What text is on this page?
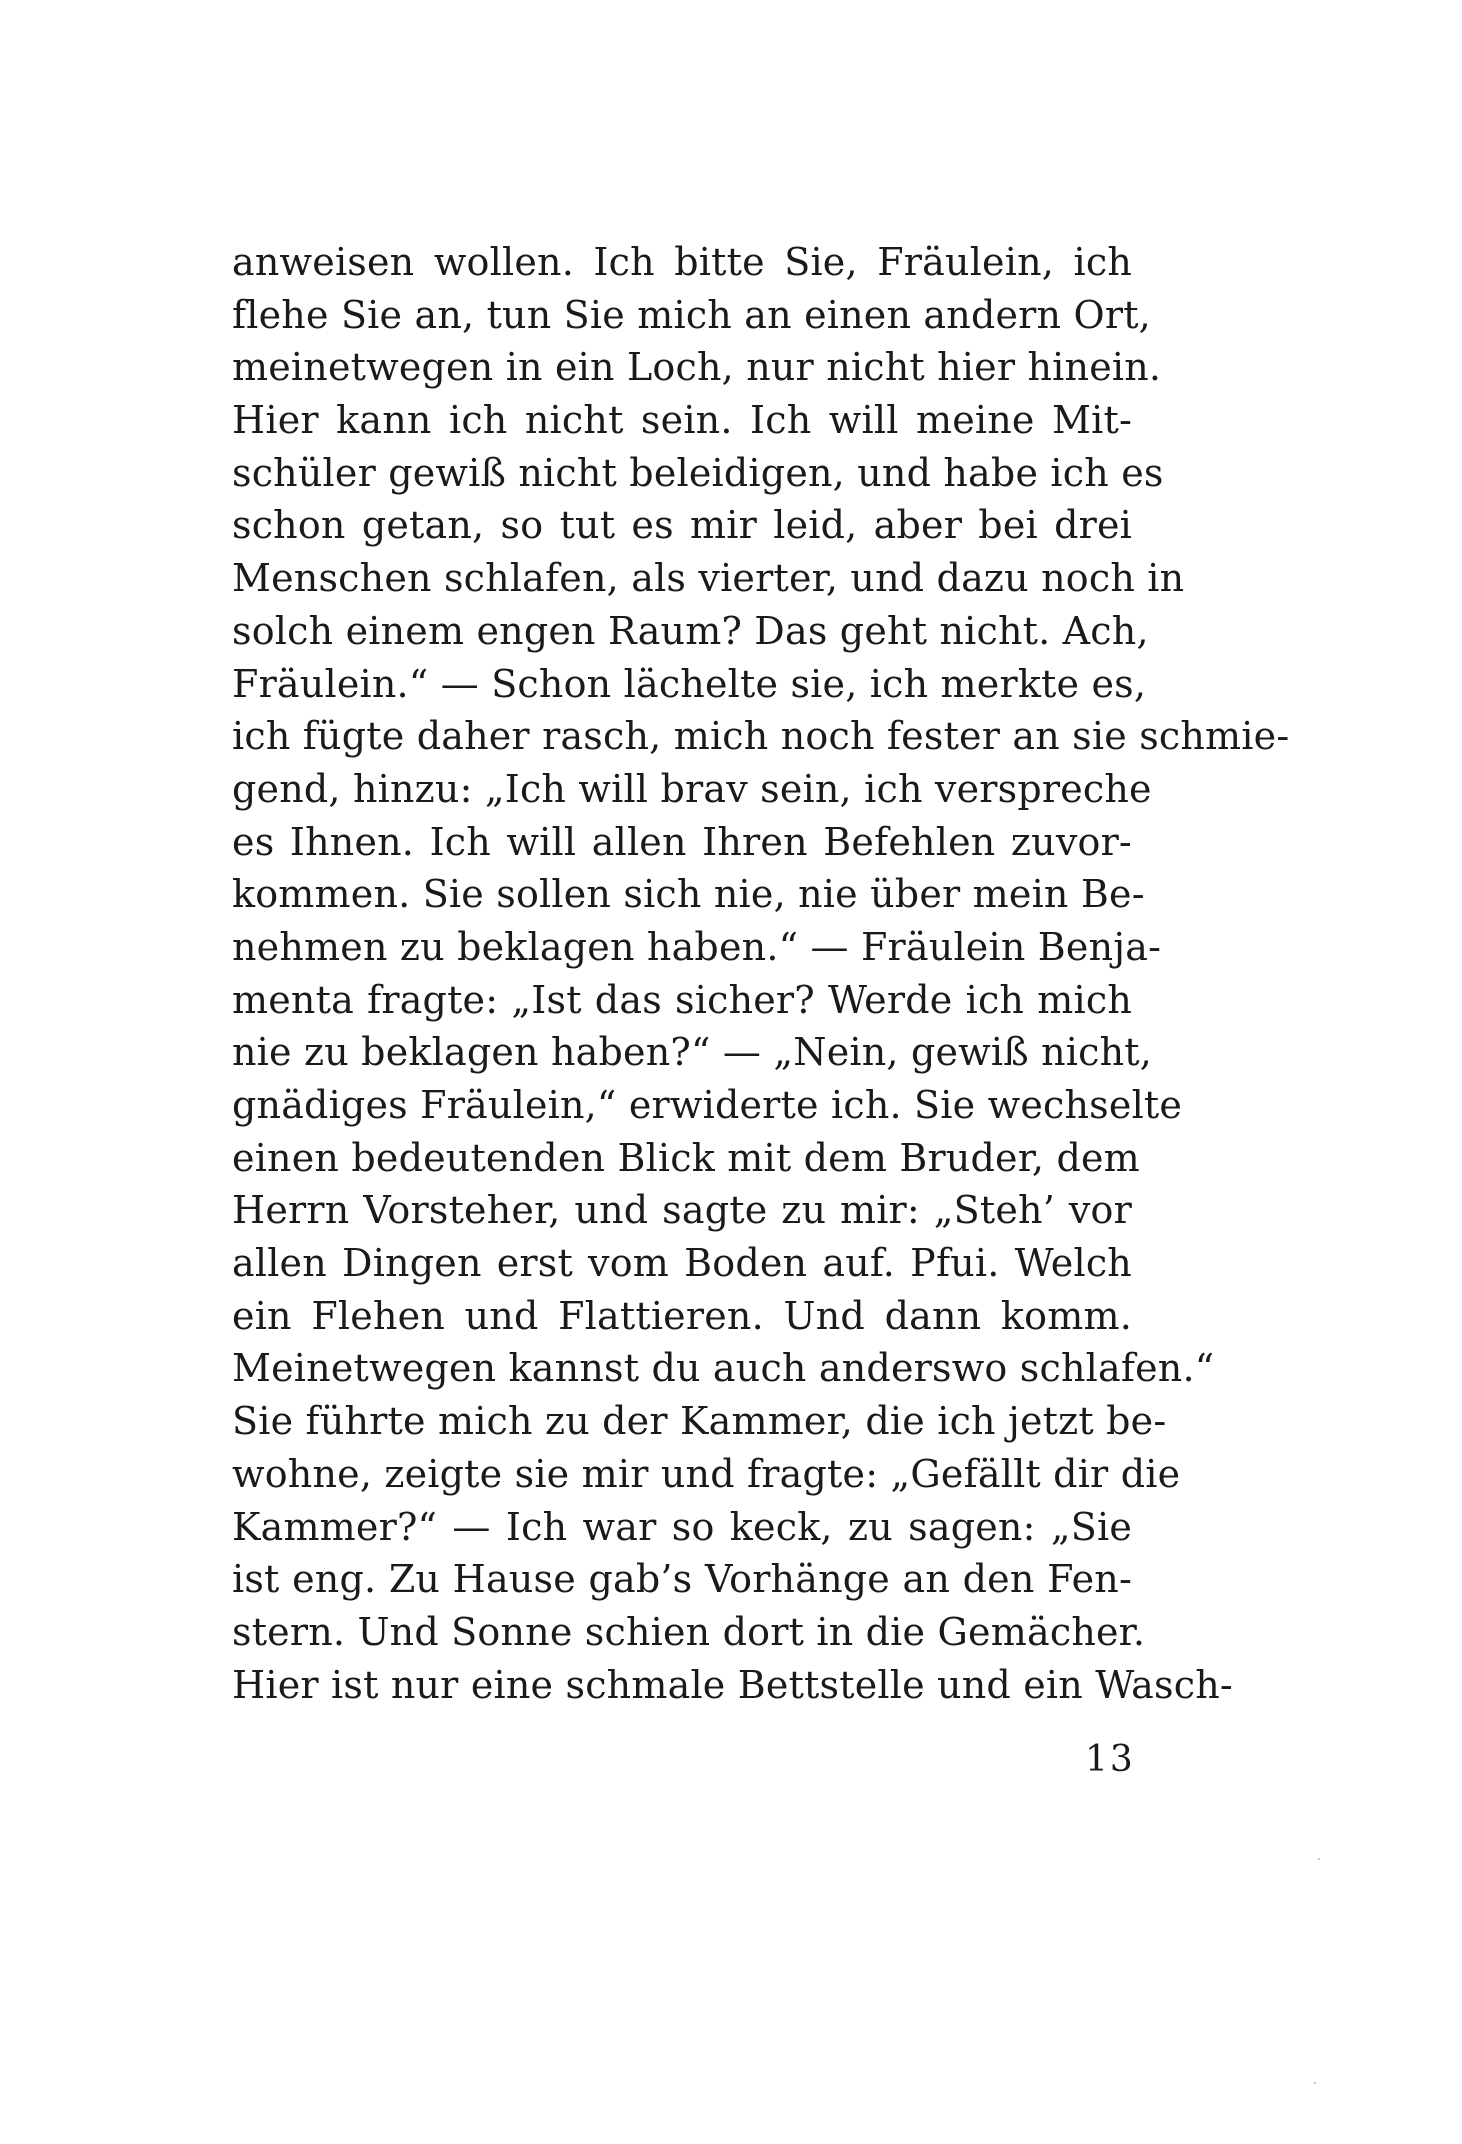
anweisen wollen. Ich bitte Sie, Fräulein, ich
flehe Sie an, tun Sie mich an einen andern Ort,
meinetwegen in ein Loch, nur nicht hier hinein.
Hier kann ich nicht sein. Ich will meine Mit-
schüler gewiß nicht beleidigen, und habe ich es
schon getan, so tut es mir leid, aber bei drei
Menschen schlafen, als vierter, und dazu noch in
solch einem engen Raum? Das geht nicht. Ach,
Fräulein.“ — Schon lächelte sie, ich merkte es,
ich fügte daher rasch, mich noch fester an sie schmie-
gend, hinzu: „Ich will brav sein, ich verspreche
es Ihnen. Ich will allen Ihren Befehlen zuvor-
kommen. Sie sollen sich nie, nie über mein Be-
nehmen zu beklagen haben.“ — Fräulein Benja-
menta fragte: „Ist das sicher? Werde ich mich
nie zu beklagen haben?“ — „Nein, gewiß nicht,
gnädiges Fräulein,“ erwiderte ich. Sie wechselte
einen bedeutenden Blick mit dem Bruder, dem
Herrn Vorsteher, und sagte zu mir: „Steh’ vor
allen Dingen erst vom Boden auf. Pfui. Welch
ein Flehen und Flattieren. Und dann komm.
Meinetwegen kannst du auch anderswo schlafen.“
Sie führte mich zu der Kammer, die ich jetzt be-
wohne, zeigte sie mir und fragte: „Gefällt dir die
Kammer?“ — Ich war so keck, zu sagen: „Sie
ist eng. Zu Hause gab’s Vorhänge an den Fen-
stern. Und Sonne schien dort in die Gemächer.
Hier ist nur eine schmale Bettstelle und ein Wasch-
13
